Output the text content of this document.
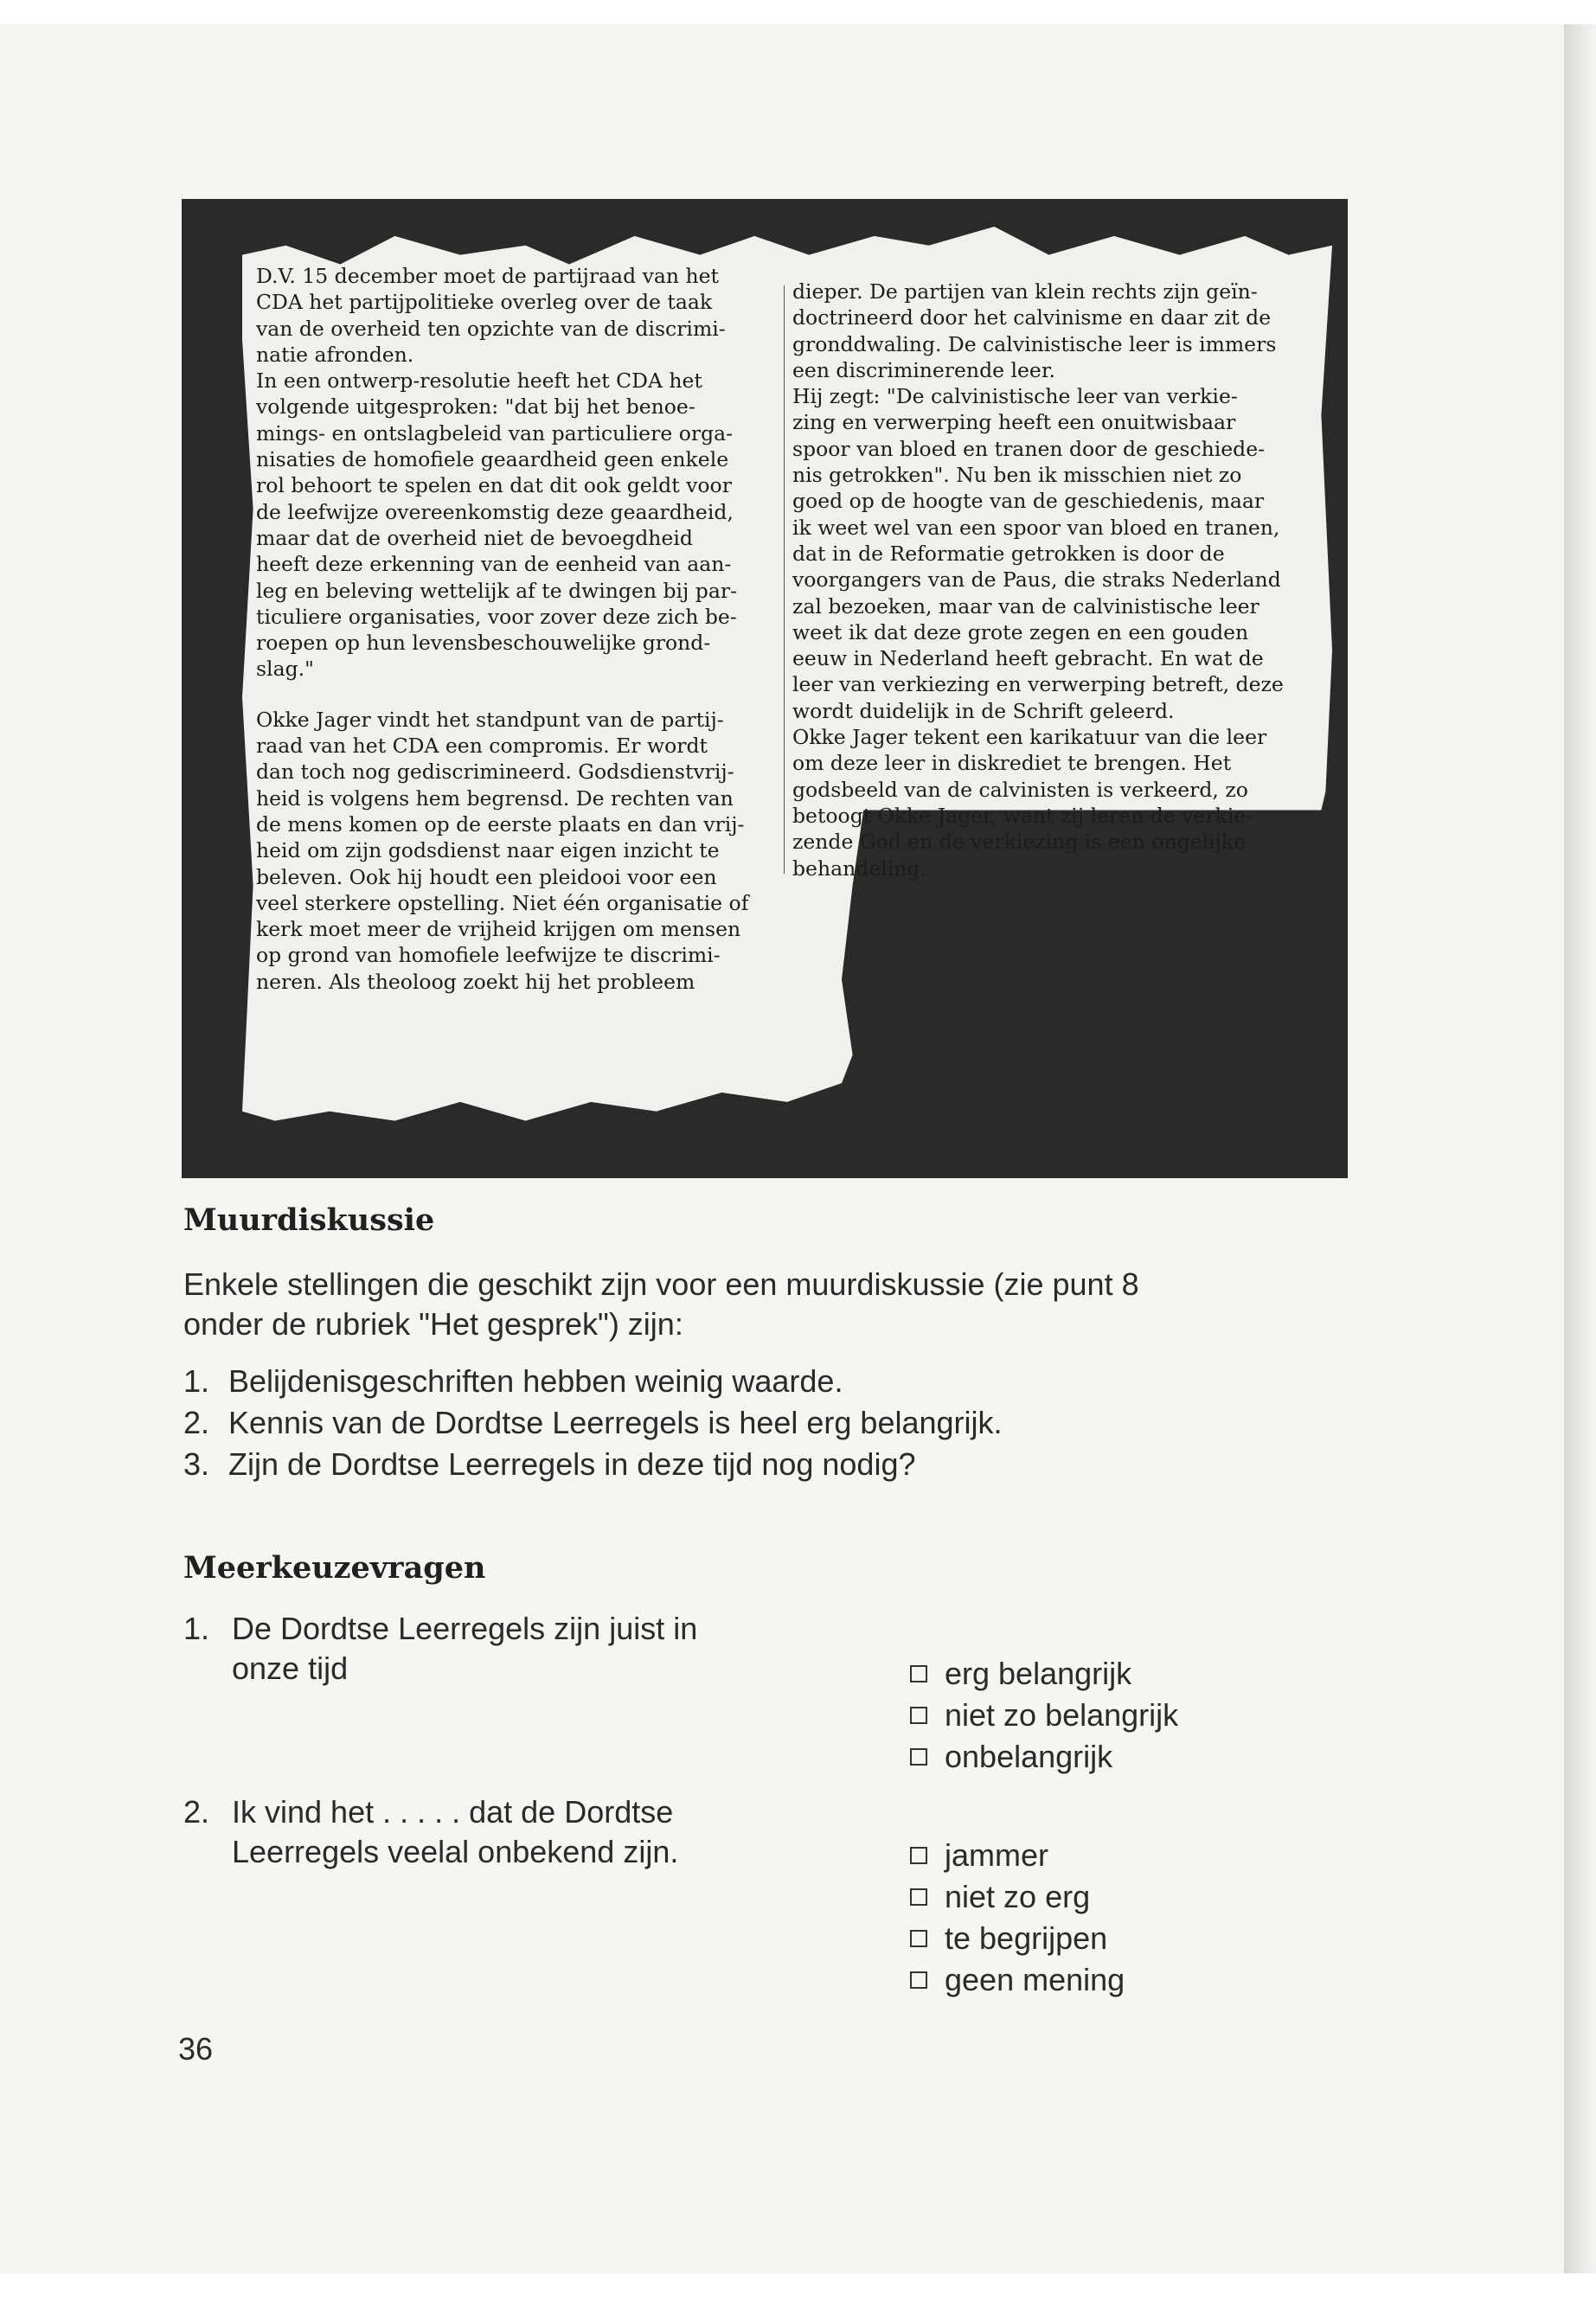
D.V. 15 december moet de partijraad van het
CDA het partijpolitieke overleg over de taak
van de overheid ten opzichte van de discrimi-
natie afronden.

In een ontwerp-resolutie heeft het CDA het
volgende uitgesproken: "dat bij het benoe-
mings- en ontslagbeleid van particuliere orga-
nisaties de homofiele geaardheid geen enkele
rol behoort te spelen en dat dit ook geldt voor
de leefwijze overeenkomstig deze geaardheid,
maar dat de overheid niet de bevoegdheid
heeft deze erkenning van de eenheid van aan-
leg en beleving wettelijk af te dwingen bij par-
ticuliere organisaties, voor zover deze zich be-
roepen op hun levensbeschouwelijke grond-
slag."

Okke Jager vindt het standpunt van de partij-
raad van het CDA een compromis. Er wordt
dan toch nog gediscrimineerd. Godsdienstvrij-
heid is volgens hem begrensd. De rechten van
de mens komen op de eerste plaats en dan vrij-
heid om zijn godsdienst naar eigen inzicht te
beleven. Ook hij houdt een pleidooi voor een
veel sterkere opstelling. Niet één organisatie of
kerk moet meer de vrijheid krijgen om mensen
op grond van homofiele leefwijze te discrimi-
neren. Als theoloog zoekt hij het probleem

dieper. De partijen van klein rechts zijn geïn-
doctrineerd door het calvinisme en daar zit de
gronddwaling. De calvinistische leer is immers
een discriminerende leer.

Hij zegt: "De calvinistische leer van verkie-
zing en verwerping heeft een onuitwisbaar
spoor van bloed en tranen door de geschiede-
nis getrokken". Nu ben ik misschien niet zo
goed op de hoogte van de geschiedenis, maar
ik weet wel van een spoor van bloed en tranen,
dat in de Reformatie getrokken is door de
voorgangers van de Paus, die straks Nederland
zal bezoeken, maar van de calvinistische leer
weet ik dat deze grote zegen en een gouden
eeuw in Nederland heeft gebracht. En wat de
leer van verkiezing en verwerping betreft, deze
wordt duidelijk in de Schrift geleerd.

Okke Jager tekent een karikatuur van die leer
om deze leer in diskrediet te brengen. Het
godsbeeld van de calvinisten is verkeerd, zo
betoogt Okke Jager, want zij leren de verkie-
zende God en de verkiezing is een ongelijke
behandeling.

Muurdiskussie
Enkele stellingen die geschikt zijn voor een muurdiskussie (zie punt 8
onder de rubriek "Het gesprek") zijn:
1. Belijdenisgeschriften hebben weinig waarde.
2. Kennis van de Dordtse Leerregels is heel erg belangrijk.
3. Zijn de Dordtse Leerregels in deze tijd nog nodig?
Meerkeuzevragen
1. De Dordtse Leerregels zijn juist in
onze tijd	erg belangrijk
niet zo belangrijk
onbelangrijk
2. Ik vind het . . . . . dat de Dordtse
Leerregels veelal onbekend zijn.	jammer
niet zo erg
te begrijpen
geen mening
36
